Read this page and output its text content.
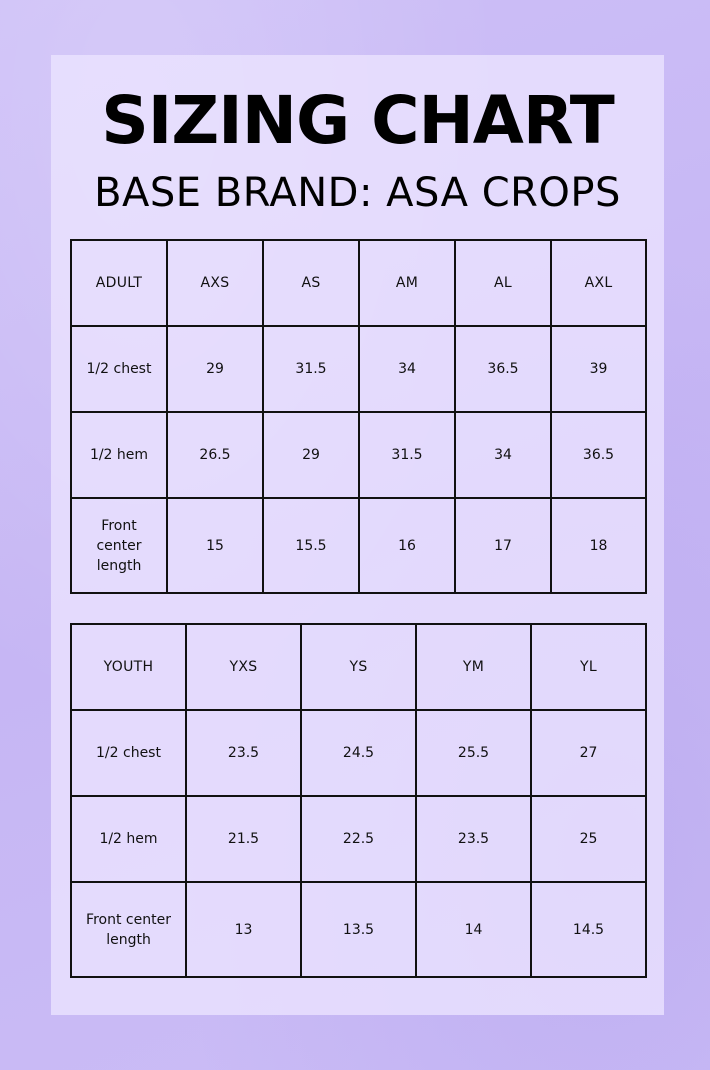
SIZING CHART
BASE BRAND: ASA CROPS
ADULT	AXS	AS	AM	AL	AXL
1/2 chest	29	31.5	34	36.5	39
1/2 hem	26.5	29	31.5	34	36.5
Front center length	15	15.5	16	17	18
YOUTH	YXS	YS	YM	YL
1/2 chest	23.5	24.5	25.5	27
1/2 hem	21.5	22.5	23.5	25
Front center length	13	13.5	14	14.5
